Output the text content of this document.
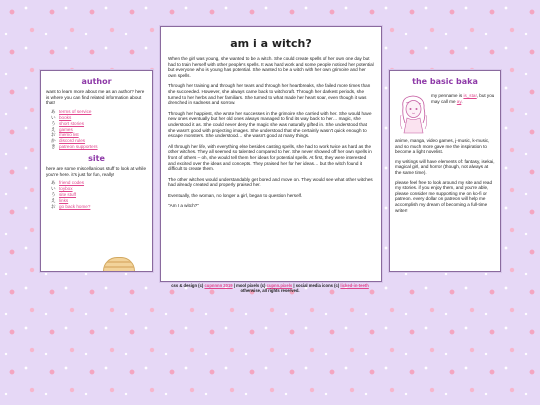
author

want to learn more about me as an author? here is where you can find related information about that!

あ terms of service
い books
う short stories
え games
お memo list
か discord rules
き patreon supporters
site

here are some miscellanious stuff to look at while you're here. it's just for fun, really!

あ friend codes
い toybox
う site stuff
え links
お go back home?
am i a witch?

When the girl was young, she wanted to be a witch. She could create spells of her own one day but had to train herself with other people's spells. It was hard work and some people noticed her potential but everyone who is young has potential. She wanted to be a witch with her own grimoire and her own spells.

Through her training and through her tears and through her heartbreaks, she failed more times than she succeeded. However, she always came back to witchcraft. Through her darkest periods, she turned to her herbs and her familiars. She turned to what made her heart soar, even though it was drenched in sadness and sorrow.

Through her happiest, she wrote her successes in the grimoire she carried with her. She would have new ones eventually but her old ones always managed to find its way back to her… magic, she understood it as. She could never deny the magic she was naturally gifted in. She understood that she wasn't good with projecting images. She understood that she certainly wasn't quick enough to escape monsters. She understood… she wasn't good at many things.

All through her life, with everything else besides casting spells, she had to work twice as hard as the other witches. They all seemed so talented compared to her. She never showed off her own spells in front of others – oh, she would tell them her ideas for potential spells. At first, they were interested and excited over the ideas and concepts. They praised her for her ideas… but the witch found it difficult to create them.

The other witches would understandably get bored and move on. They would see what other witches had already created and properly praised her.

Eventually, the woman, no longer a girl, began to question herself.

"Am I a witch?"

the basic baka

my penname is is_star, but you may call me ay.

anime, manga, video games, j-music, k-music, and so much more gave me the inspiration to become a light novelist.

my writings will have elements of: fantasy, isekai, magical girl, and horror (though, not always at the same time).

please feel free to look around my site and read my stories. if you enjoy them, and you're able, please consider me supporting me on ko-fi or patreon. every dollar on patreon will help me accomplish my dream of becoming a full-time writer!

css & design (c) cupnnnn 2019 | mool pixels (c) cupnn.pixels | social media icons (c) licked-in-teeth
otherwise, all rights reserved.
